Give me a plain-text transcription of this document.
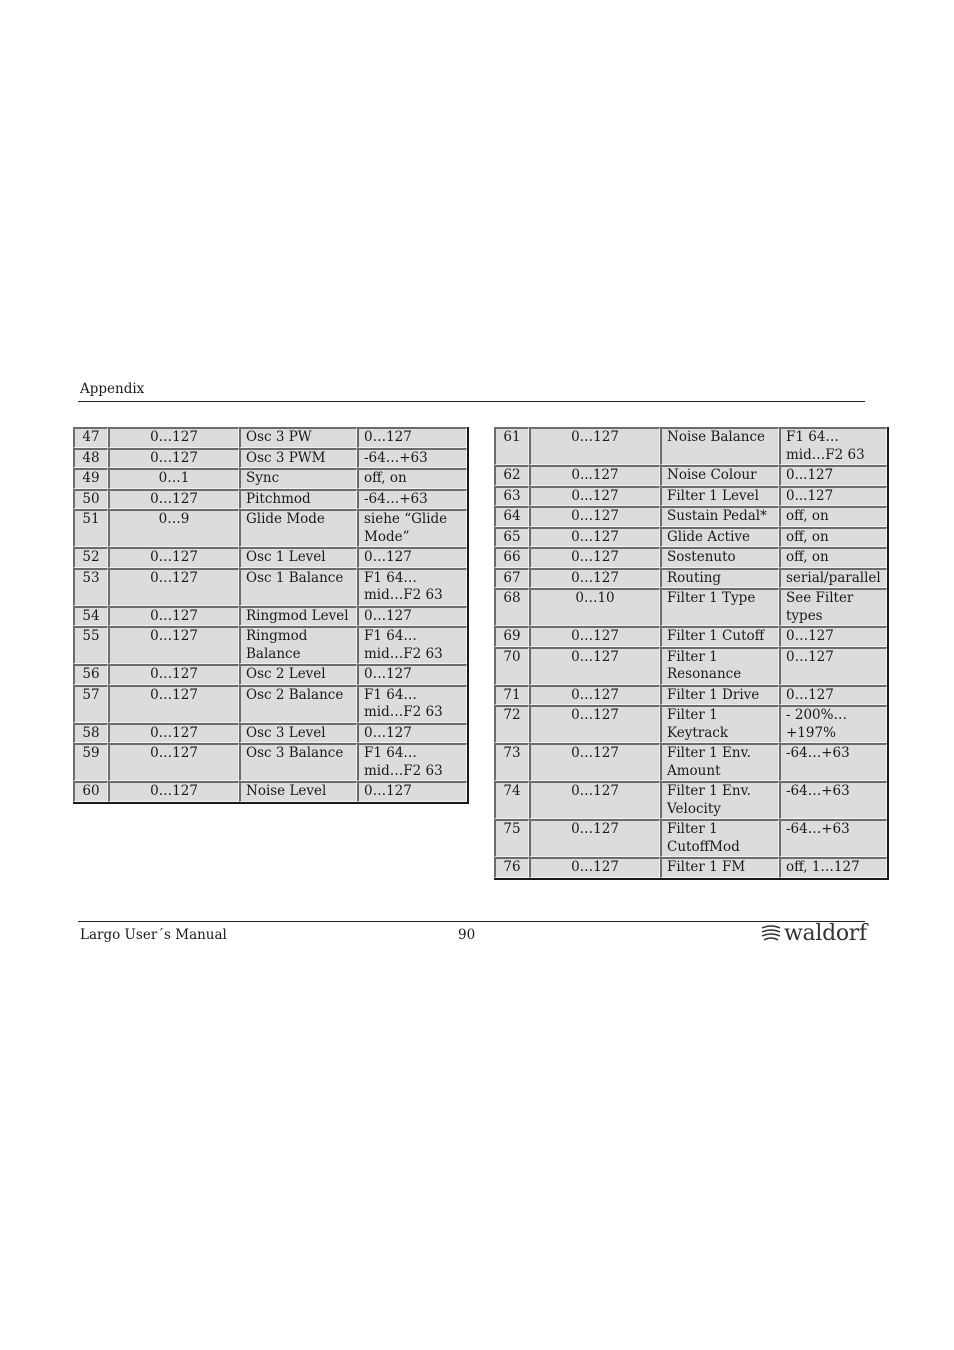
Appendix
47	0…127	Osc 3 PW	0…127
48	0…127	Osc 3 PWM	-64…+63
49	0…1	Sync	off, on
50	0…127	Pitchmod	-64…+63
51	0…9	Glide Mode	siehe “Glide Mode”
52	0…127	Osc 1 Level	0…127
53	0…127	Osc 1 Balance	F1 64…mid…F2 63
54	0…127	Ringmod Level	0…127
55	0…127	Ringmod Balance	F1 64…mid…F2 63
56	0…127	Osc 2 Level	0…127
57	0…127	Osc 2 Balance	F1 64…mid…F2 63
58	0…127	Osc 3 Level	0…127
59	0…127	Osc 3 Balance	F1 64…mid…F2 63
60	0…127	Noise Level	0…127
61	0…127	Noise Balance	F1 64…mid…F2 63
62	0...127	Noise Colour	0...127
63	0...127	Filter 1 Level	0...127
64	0…127	Sustain Pedal*	off, on
65	0…127	Glide Active	off, on
66	0…127	Sostenuto	off, on
67	0…127	Routing	serial/parallel
68	0…10	Filter 1 Type	See Filter types
69	0…127	Filter 1 Cutoff	0…127
70	0…127	Filter 1 Resonance	0…127
71	0…127	Filter 1 Drive	0…127
72	0…127	Filter 1 Keytrack	- 200%… +197%
73	0…127	Filter 1 Env. Amount	-64…+63
74	0…127	Filter 1 Env. Velocity	-64…+63
75	0…127	Filter 1 CutoffMod	-64…+63
76	0…127	Filter 1 FM	off, 1…127
Largo User´s Manual	90	waldorf
